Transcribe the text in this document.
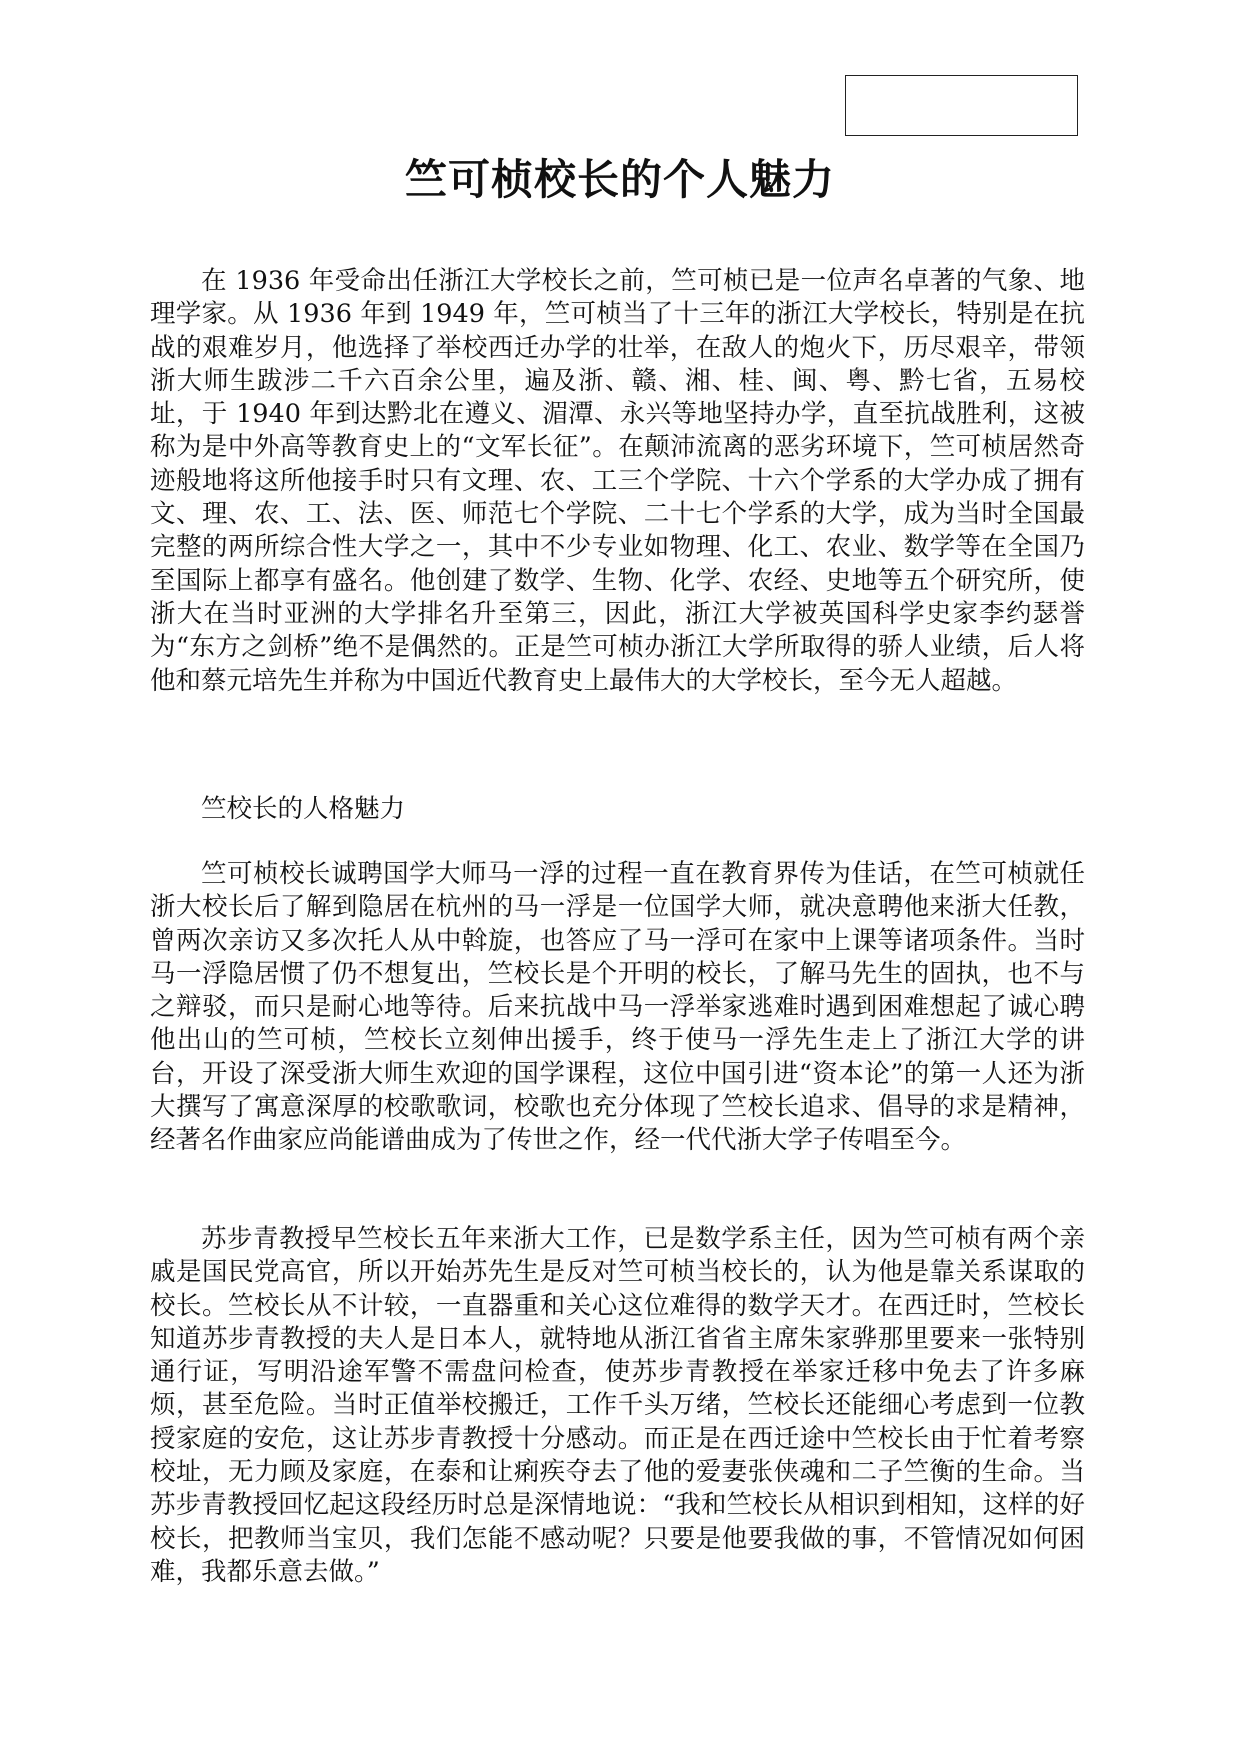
竺可桢校长的个人魅力

在 1936 年受命出任浙江大学校长之前，竺可桢已是一位声名卓著的气象、地理学家。从 1936 年到 1949 年，竺可桢当了十三年的浙江大学校长，特别是在抗战的艰难岁月，他选择了举校西迁办学的壮举，在敌人的炮火下，历尽艰辛，带领浙大师生跋涉二千六百余公里，遍及浙、赣、湘、桂、闽、粤、黔七省，五易校址，于 1940 年到达黔北在遵义、湄潭、永兴等地坚持办学，直至抗战胜利，这被称为是中外高等教育史上的“文军长征”。在颠沛流离的恶劣环境下，竺可桢居然奇迹般地将这所他接手时只有文理、农、工三个学院、十六个学系的大学办成了拥有文、理、农、工、法、医、师范七个学院、二十七个学系的大学，成为当时全国最完整的两所综合性大学之一，其中不少专业如物理、化工、农业、数学等在全国乃至国际上都享有盛名。他创建了数学、生物、化学、农经、史地等五个研究所，使浙大在当时亚洲的大学排名升至第三，因此，浙江大学被英国科学史家李约瑟誉为“东方之剑桥”绝不是偶然的。正是竺可桢办浙江大学所取得的骄人业绩，后人将他和蔡元培先生并称为中国近代教育史上最伟大的大学校长，至今无人超越。

竺校长的人格魅力

竺可桢校长诚聘国学大师马一浮的过程一直在教育界传为佳话，在竺可桢就任浙大校长后了解到隐居在杭州的马一浮是一位国学大师，就决意聘他来浙大任教，曾两次亲访又多次托人从中斡旋，也答应了马一浮可在家中上课等诸项条件。当时马一浮隐居惯了仍不想复出，竺校长是个开明的校长，了解马先生的固执，也不与之辩驳，而只是耐心地等待。后来抗战中马一浮举家逃难时遇到困难想起了诚心聘他出山的竺可桢，竺校长立刻伸出援手，终于使马一浮先生走上了浙江大学的讲台，开设了深受浙大师生欢迎的国学课程，这位中国引进“资本论”的第一人还为浙大撰写了寓意深厚的校歌歌词，校歌也充分体现了竺校长追求、倡导的求是精神，经著名作曲家应尚能谱曲成为了传世之作，经一代代浙大学子传唱至今。

苏步青教授早竺校长五年来浙大工作，已是数学系主任，因为竺可桢有两个亲戚是国民党高官，所以开始苏先生是反对竺可桢当校长的，认为他是靠关系谋取的校长。竺校长从不计较，一直器重和关心这位难得的数学天才。在西迁时，竺校长知道苏步青教授的夫人是日本人，就特地从浙江省省主席朱家骅那里要来一张特别通行证，写明沿途军警不需盘问检查，使苏步青教授在举家迁移中免去了许多麻烦，甚至危险。当时正值举校搬迁，工作千头万绪，竺校长还能细心考虑到一位教授家庭的安危，这让苏步青教授十分感动。而正是在西迁途中竺校长由于忙着考察校址，无力顾及家庭，在泰和让痢疾夺去了他的爱妻张侠魂和二子竺衡的生命。当苏步青教授回忆起这段经历时总是深情地说：“我和竺校长从相识到相知，这样的好校长，把教师当宝贝，我们怎能不感动呢？只要是他要我做的事，不管情况如何困难，我都乐意去做。”
